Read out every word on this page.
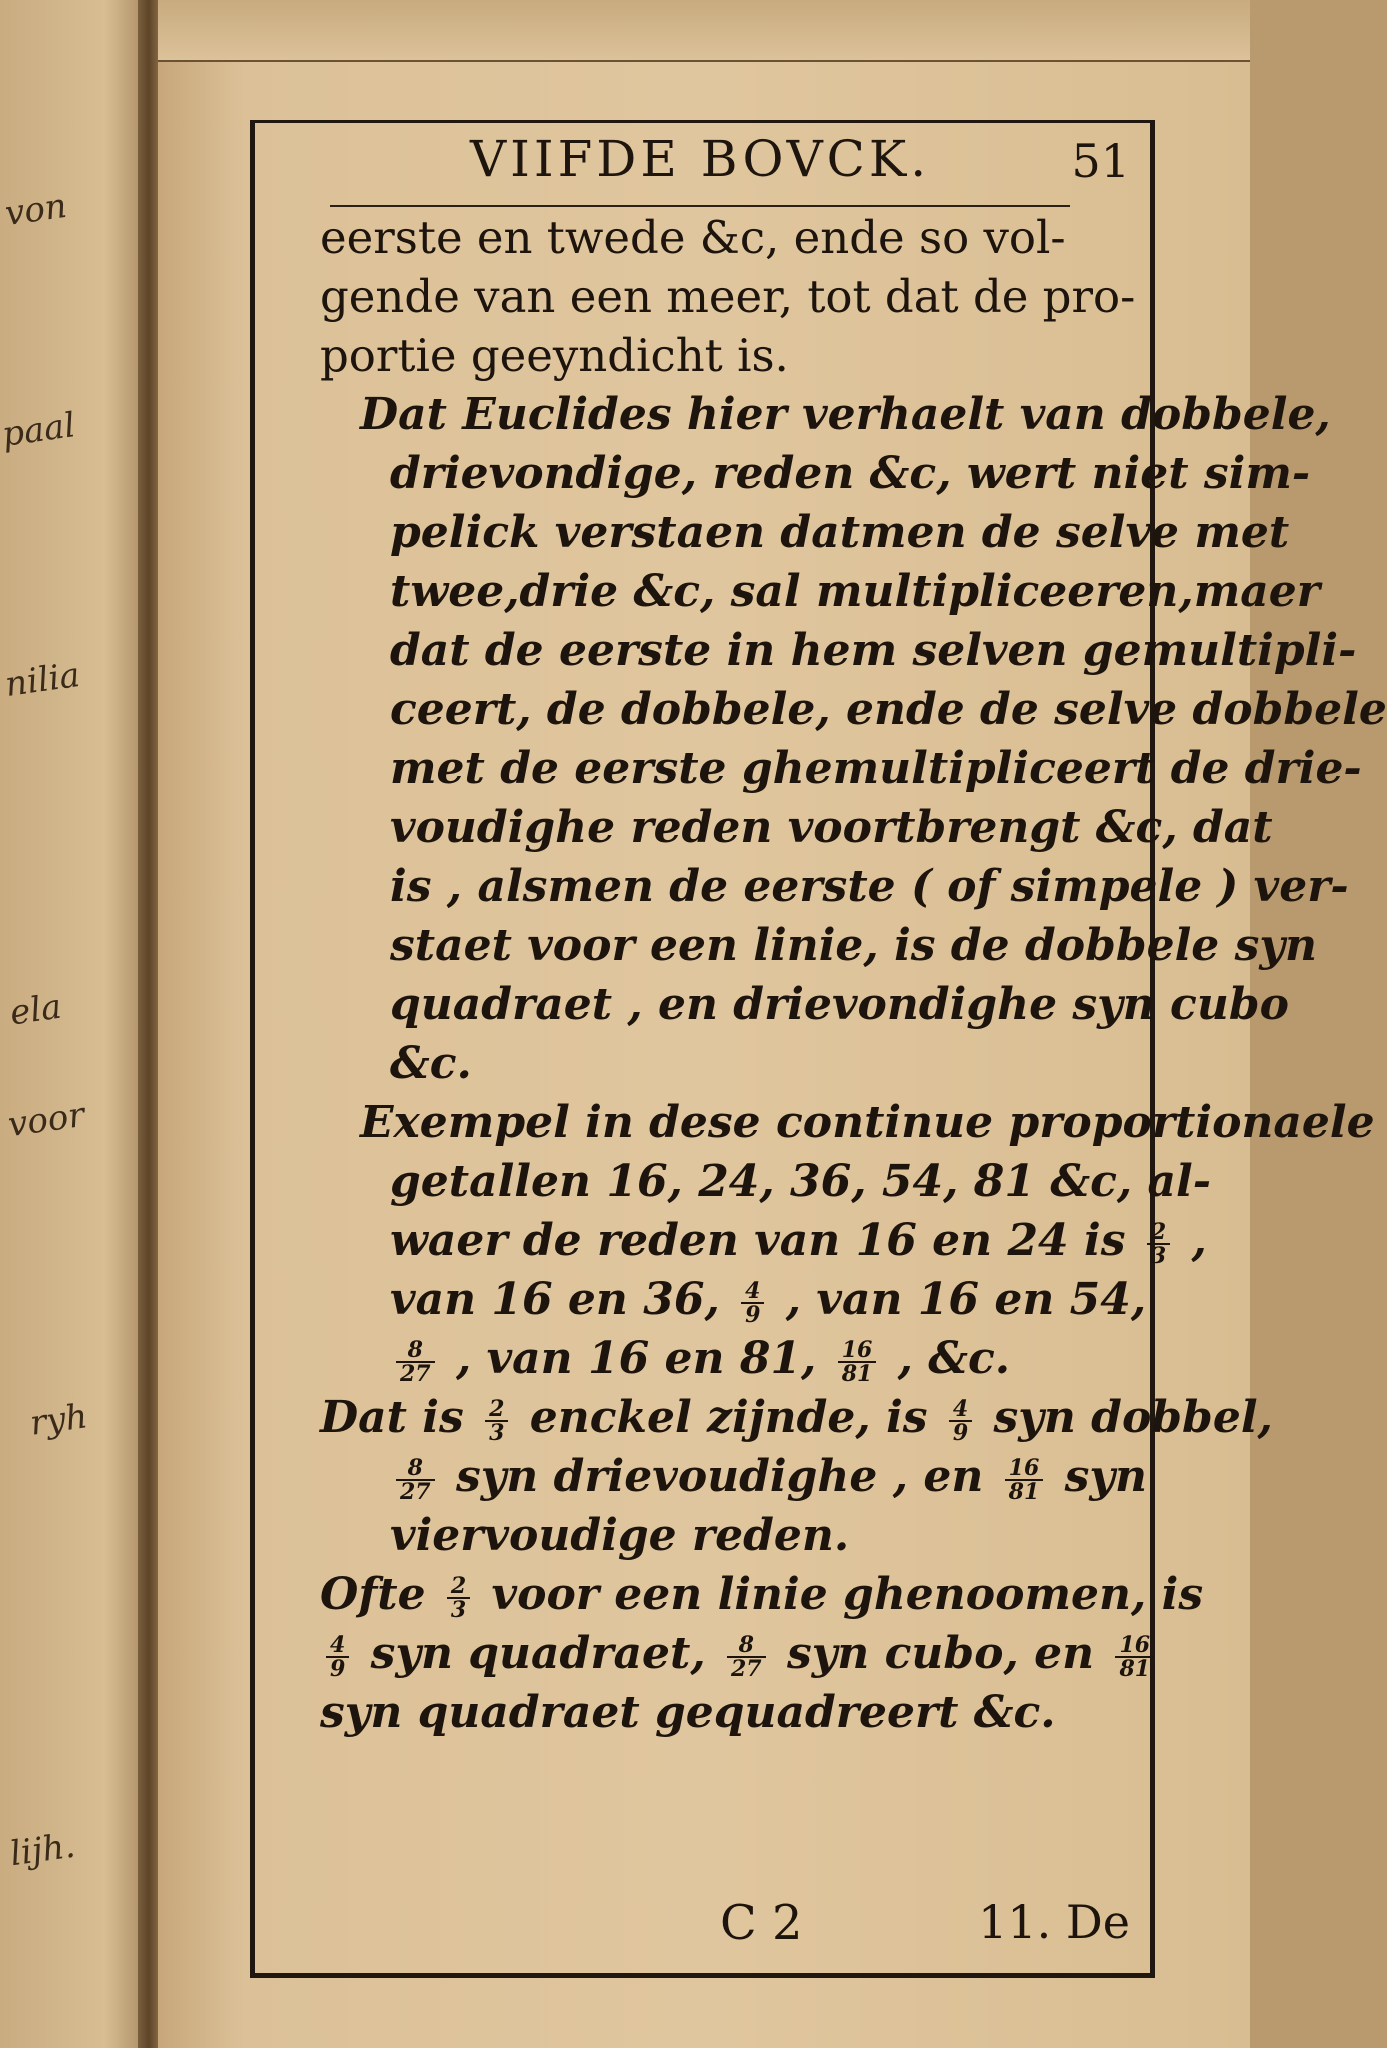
von
paal
nilia
ela
voor
ryh
lijh.
VIIFDE BOVCK.	51
eerste en twede &c, ende so vol-
gende van een meer, tot dat de pro-
portie geeyndicht is.
Dat Euclides hier verhaelt van dobbele,
drievondige, reden &c, wert niet sim-
pelick verstaen datmen de selve met
twee,drie &c, sal multipliceeren,maer
dat de eerste in hem selven gemultipli-
ceert, de dobbele, ende de selve dobbele
met de eerste ghemultipliceert de drie-
voudighe reden voortbrengt &c, dat
is , alsmen de eerste ( of simpele ) ver-
staet voor een linie, is de dobbele syn
quadraet , en drievondighe syn cubo
&c.
Exempel in dese continue proportionaele
getallen 16, 24, 36, 54, 81 &c, al-
waer de reden van 16 en 24 is $\frac{2}{3}$ ,
van 16 en 36, $\frac{4}{9}$ , van 16 en 54,
$\frac{8}{27}$ , van 16 en 81, $\frac{16}{81}$ , &c.
Dat is $\frac{2}{3}$ enckel zijnde, is $\frac{4}{9}$ syn dobbel,
$\frac{8}{27}$ syn drievoudighe , en $\frac{16}{81}$ syn
viervoudige reden.
Ofte $\frac{2}{3}$ voor een linie ghenoomen, is
$\frac{4}{9}$ syn quadraet, $\frac{8}{27}$ syn cubo, en $\frac{16}{81}$
syn quadraet gequadreert &c.
C 2	11. De
